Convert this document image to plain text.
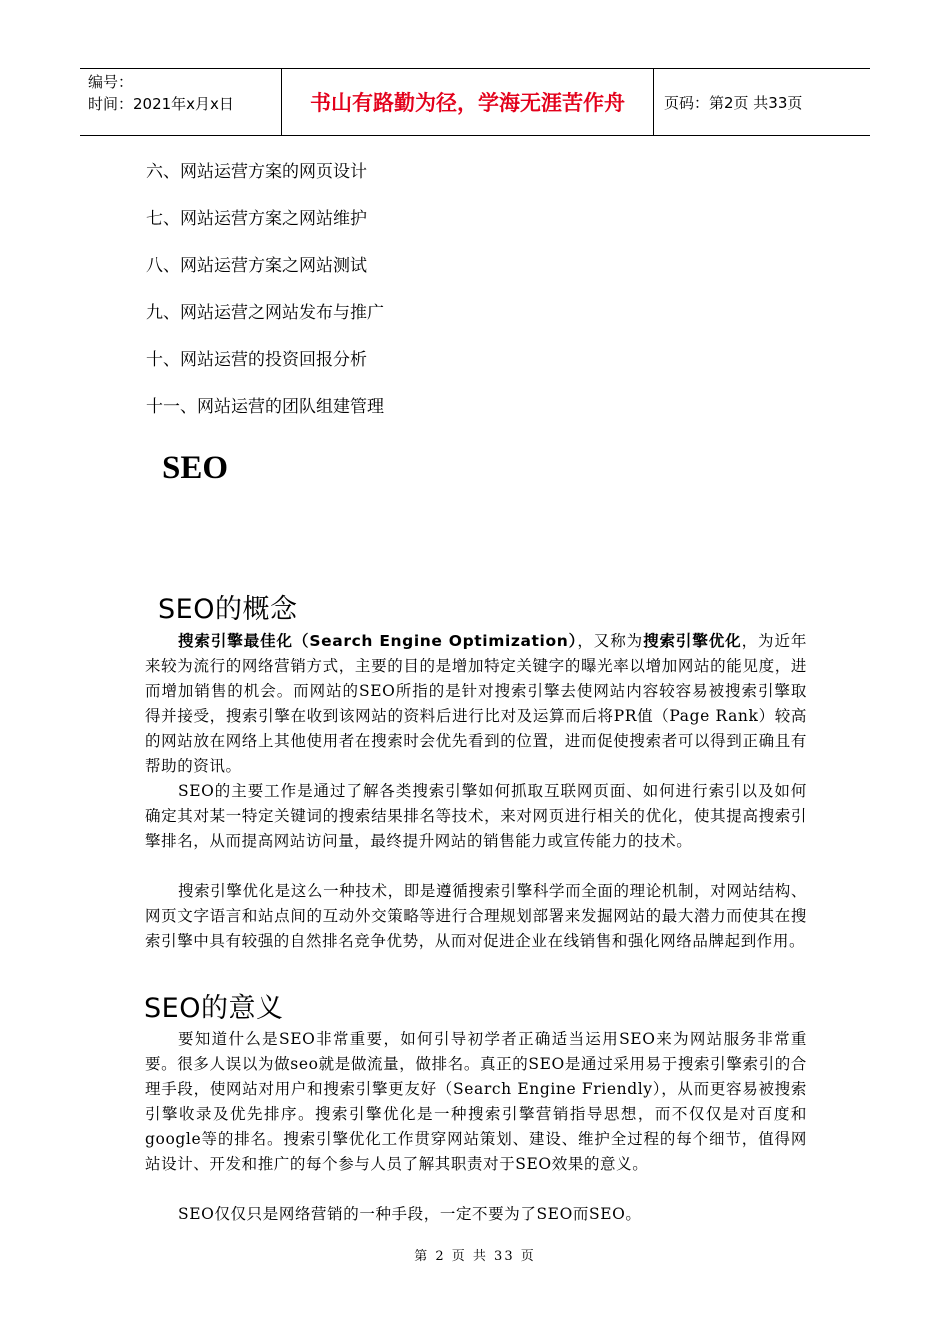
编号：
时间：2021年x月x日	书山有路勤为径，学海无涯苦作舟	页码：第2页 共33页
六、网站运营方案的网页设计
七、网站运营方案之网站维护
八、网站运营方案之网站测试
九、网站运营之网站发布与推广
十、网站运营的投资回报分析
十一、网站运营的团队组建管理
SEO
SEO的概念

搜索引擎最佳化（Search Engine Optimization），又称为搜索引擎优化，为近年来较为流行的网络营销方式，主要的目的是增加特定关键字的曝光率以增加网站的能见度，进而增加销售的机会。而网站的SEO所指的是针对搜索引擎去使网站内容较容易被搜索引擎取得并接受，搜索引擎在收到该网站的资料后进行比对及运算而后将PR值（Page Rank）较高的网站放在网络上其他使用者在搜索时会优先看到的位置，进而促使搜索者可以得到正确且有帮助的资讯。

SEO的主要工作是通过了解各类搜索引擎如何抓取互联网页面、如何进行索引以及如何确定其对某一特定关键词的搜索结果排名等技术，来对网页进行相关的优化，使其提高搜索引擎排名，从而提高网站访问量，最终提升网站的销售能力或宣传能力的技术。

搜索引擎优化是这么一种技术，即是遵循搜索引擎科学而全面的理论机制，对网站结构、网页文字语言和站点间的互动外交策略等进行合理规划部署来发掘网站的最大潜力而使其在搜索引擎中具有较强的自然排名竞争优势，从而对促进企业在线销售和强化网络品牌起到作用。

SEO的意义

要知道什么是SEO非常重要，如何引导初学者正确适当运用SEO来为网站服务非常重要。很多人误以为做seo就是做流量，做排名。真正的SEO是通过采用易于搜索引擎索引的合理手段，使网站对用户和搜索引擎更友好（Search Engine Friendly），从而更容易被搜索引擎收录及优先排序。搜索引擎优化是一种搜索引擎营销指导思想，而不仅仅是对百度和google等的排名。搜索引擎优化工作贯穿网站策划、建设、维护全过程的每个细节，值得网站设计、开发和推广的每个参与人员了解其职责对于SEO效果的意义。

SEO仅仅只是网络营销的一种手段，一定不要为了SEO而SEO。

第 2 页 共 33 页
